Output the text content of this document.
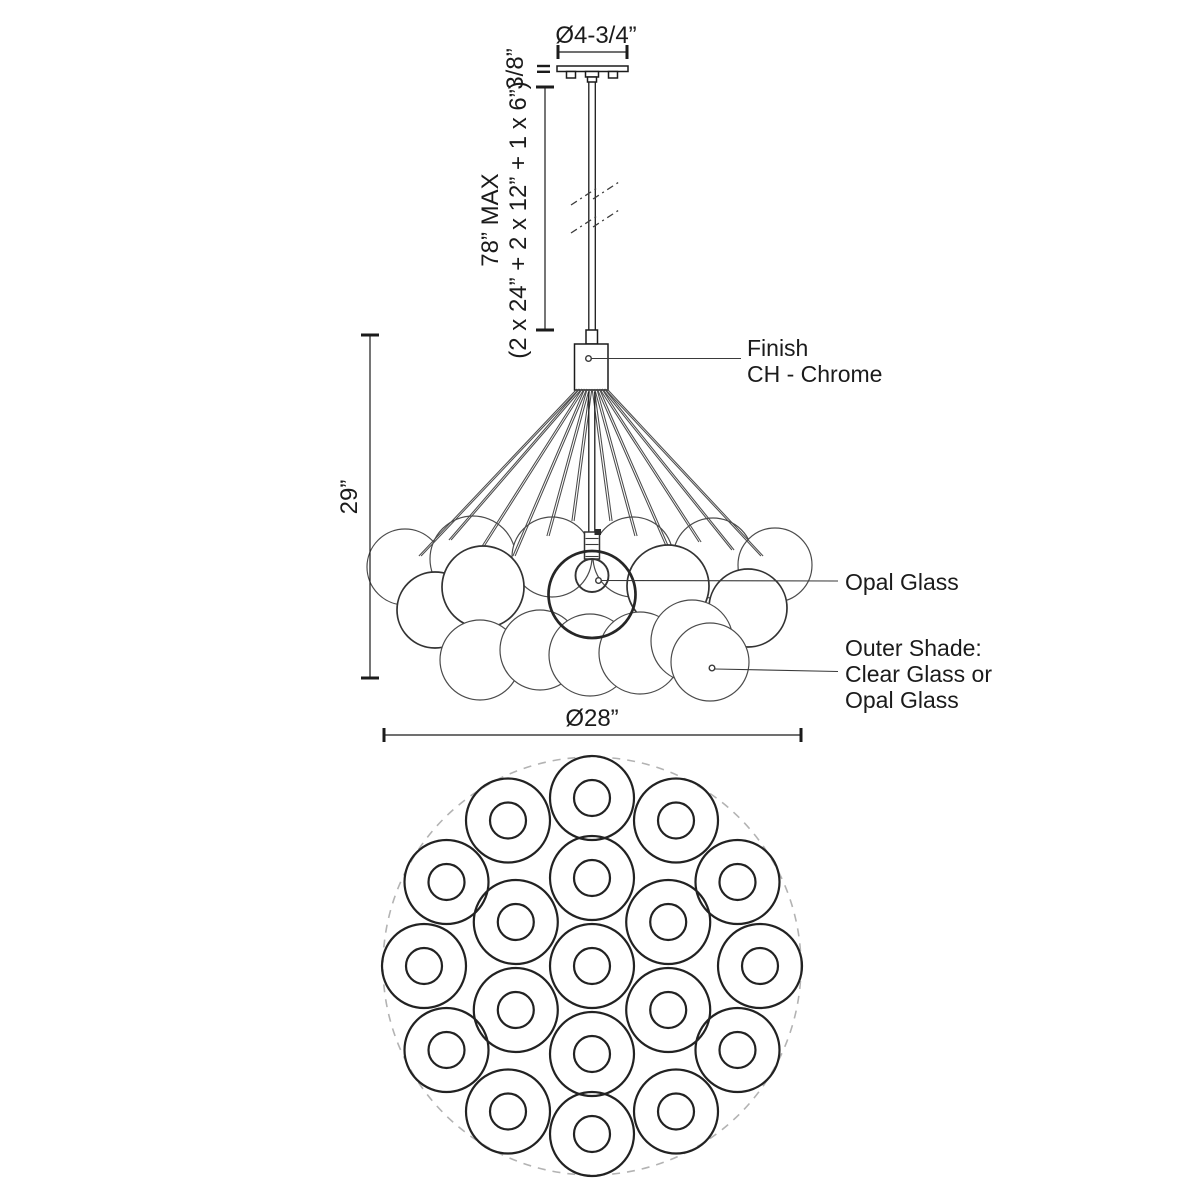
Ø4-3/4”
3/8”
78” MAX (2 x 24” + 2 x 12” + 1 x 6”)
29”
Ø28”
Finish
CH - Chrome
Opal Glass
Outer Shade:
Clear Glass or
Opal Glass
